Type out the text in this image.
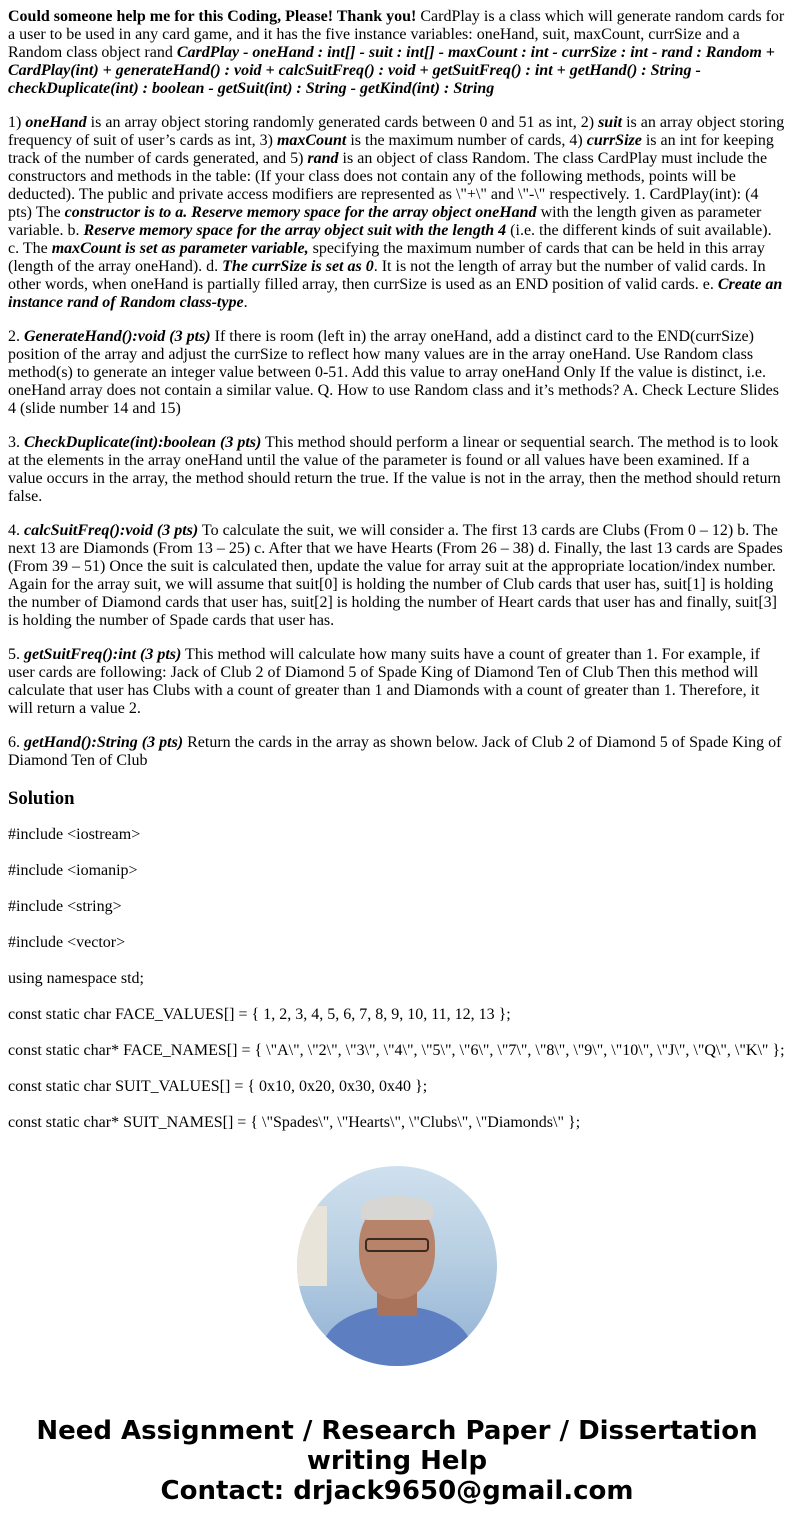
Could someone help me for this Coding, Please! Thank you! CardPlay is a class which will generate random cards for a user to be used in any card game, and it has the five instance variables: oneHand, suit, maxCount, currSize and a Random class object rand CardPlay - oneHand : int[] - suit : int[] - maxCount : int - currSize : int - rand : Random + CardPlay(int) + generateHand() : void + calcSuitFreq() : void + getSuitFreq() : int + getHand() : String - checkDuplicate(int) : boolean - getSuit(int) : String - getKind(int) : String

1) oneHand is an array object storing randomly generated cards between 0 and 51 as int, 2) suit is an array object storing frequency of suit of user’s cards as int, 3) maxCount is the maximum number of cards, 4) currSize is an int for keeping track of the number of cards generated, and 5) rand is an object of class Random. The class CardPlay must include the constructors and methods in the table: (If your class does not contain any of the following methods, points will be deducted). The public and private access modifiers are represented as \"+\" and \"-\" respectively. 1. CardPlay(int): (4 pts) The constructor is to a. Reserve memory space for the array object oneHand with the length given as parameter variable. b. Reserve memory space for the array object suit with the length 4 (i.e. the different kinds of suit available). c. The maxCount is set as parameter variable, specifying the maximum number of cards that can be held in this array (length of the array oneHand). d. The currSize is set as 0. It is not the length of array but the number of valid cards. In other words, when oneHand is partially filled array, then currSize is used as an END position of valid cards. e. Create an instance rand of Random class-type.

2. GenerateHand():void (3 pts) If there is room (left in) the array oneHand, add a distinct card to the END(currSize) position of the array and adjust the currSize to reflect how many values are in the array oneHand. Use Random class method(s) to generate an integer value between 0-51. Add this value to array oneHand Only If the value is distinct, i.e. oneHand array does not contain a similar value. Q. How to use Random class and it’s methods? A. Check Lecture Slides 4 (slide number 14 and 15)

3. CheckDuplicate(int):boolean (3 pts) This method should perform a linear or sequential search. The method is to look at the elements in the array oneHand until the value of the parameter is found or all values have been examined. If a value occurs in the array, the method should return the true. If the value is not in the array, then the method should return false.

4. calcSuitFreq():void (3 pts) To calculate the suit, we will consider a. The first 13 cards are Clubs (From 0 – 12) b. The next 13 are Diamonds (From 13 – 25) c. After that we have Hearts (From 26 – 38) d. Finally, the last 13 cards are Spades (From 39 – 51) Once the suit is calculated then, update the value for array suit at the appropriate location/index number. Again for the array suit, we will assume that suit[0] is holding the number of Club cards that user has, suit[1] is holding the number of Diamond cards that user has, suit[2] is holding the number of Heart cards that user has and finally, suit[3] is holding the number of Spade cards that user has.

5. getSuitFreq():int (3 pts) This method will calculate how many suits have a count of greater than 1. For example, if user cards are following: Jack of Club 2 of Diamond 5 of Spade King of Diamond Ten of Club Then this method will calculate that user has Clubs with a count of greater than 1 and Diamonds with a count of greater than 1. Therefore, it will return a value 2.

6. getHand():String (3 pts) Return the cards in the array as shown below. Jack of Club 2 of Diamond 5 of Spade King of Diamond Ten of Club

Solution

#include <iostream>

#include <iomanip>

#include <string>

#include <vector>

using namespace std;

const static char FACE_VALUES[] = { 1, 2, 3, 4, 5, 6, 7, 8, 9, 10, 11, 12, 13 };

const static char* FACE_NAMES[] = { \"A\", \"2\", \"3\", \"4\", \"5\", \"6\", \"7\", \"8\", \"9\", \"10\", \"J\", \"Q\", \"K\" };

const static char SUIT_VALUES[] = { 0x10, 0x20, 0x30, 0x40 };

const static char* SUIT_NAMES[] = { \"Spades\", \"Hearts\", \"Clubs\", \"Diamonds\" };

Need Assignment / Research Paper / Dissertation writing Help
Contact: drjack9650@gmail.com
